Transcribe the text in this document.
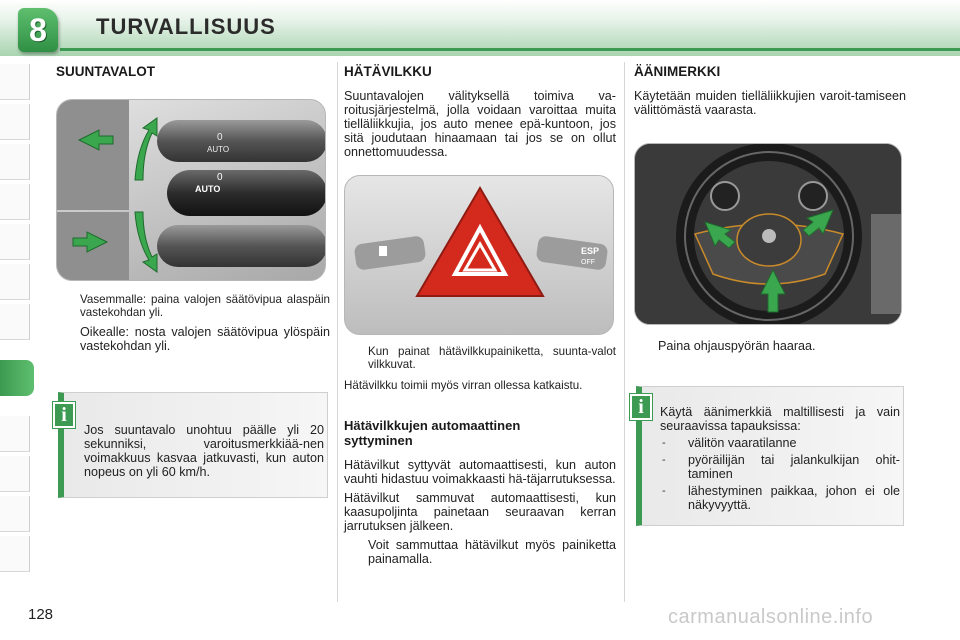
8 TURVALLISUUS
SUUNTAVALOT
0
AUTO
AUTO
0
Vasemmalle: paina valojen säätövipua alaspäin vastekohdan yli.
Oikealle: nosta valojen säätövipua ylöspäin vastekohdan yli.
Jos suuntavalo unohtuu päälle yli 20 sekunniksi, varoitusmerkkiää-nen voimakkuus kasvaa jatkuvasti, kun auton nopeus on yli 60 km/h.
i
HÄTÄVILKKU
Suuntavalojen välityksellä toimiva va-roitusjärjestelmä, jolla voidaan varoittaa muita tielläliikkujia, jos auto menee epä-kuntoon, jos sitä joudutaan hinaamaan tai jos se on ollut onnettomuudessa.
ESP
OFF
Kun painat hätävilkkupainiketta, suunta-valot vilkkuvat.
Hätävilkku toimii myös virran ollessa katkaistu.
Hätävilkkujen automaattinen syttyminen
Hätävilkut syttyvät automaattisesti, kun auton vauhti hidastuu voimakkaasti hä-täjarrutuksessa.
Hätävilkut sammuvat automaattisesti, kun kaasupoljinta painetaan seuraavan kerran jarrutuksen jälkeen.
Voit sammuttaa hätävilkut myös painiketta painamalla.
ÄÄNIMERKKI
Käytetään muiden tielläliikkujien varoit-tamiseen välittömästä vaarasta.
Paina ohjauspyörän haaraa.
Käytä äänimerkkiä maltillisesti ja vain seuraavissa tapauksissa:
- välitön vaaratilanne
- pyöräilijän tai jalankulkijan ohit-taminen
- lähestyminen paikkaa, johon ei ole näkyvyyttä.
i
128	carmanualsonline.info
